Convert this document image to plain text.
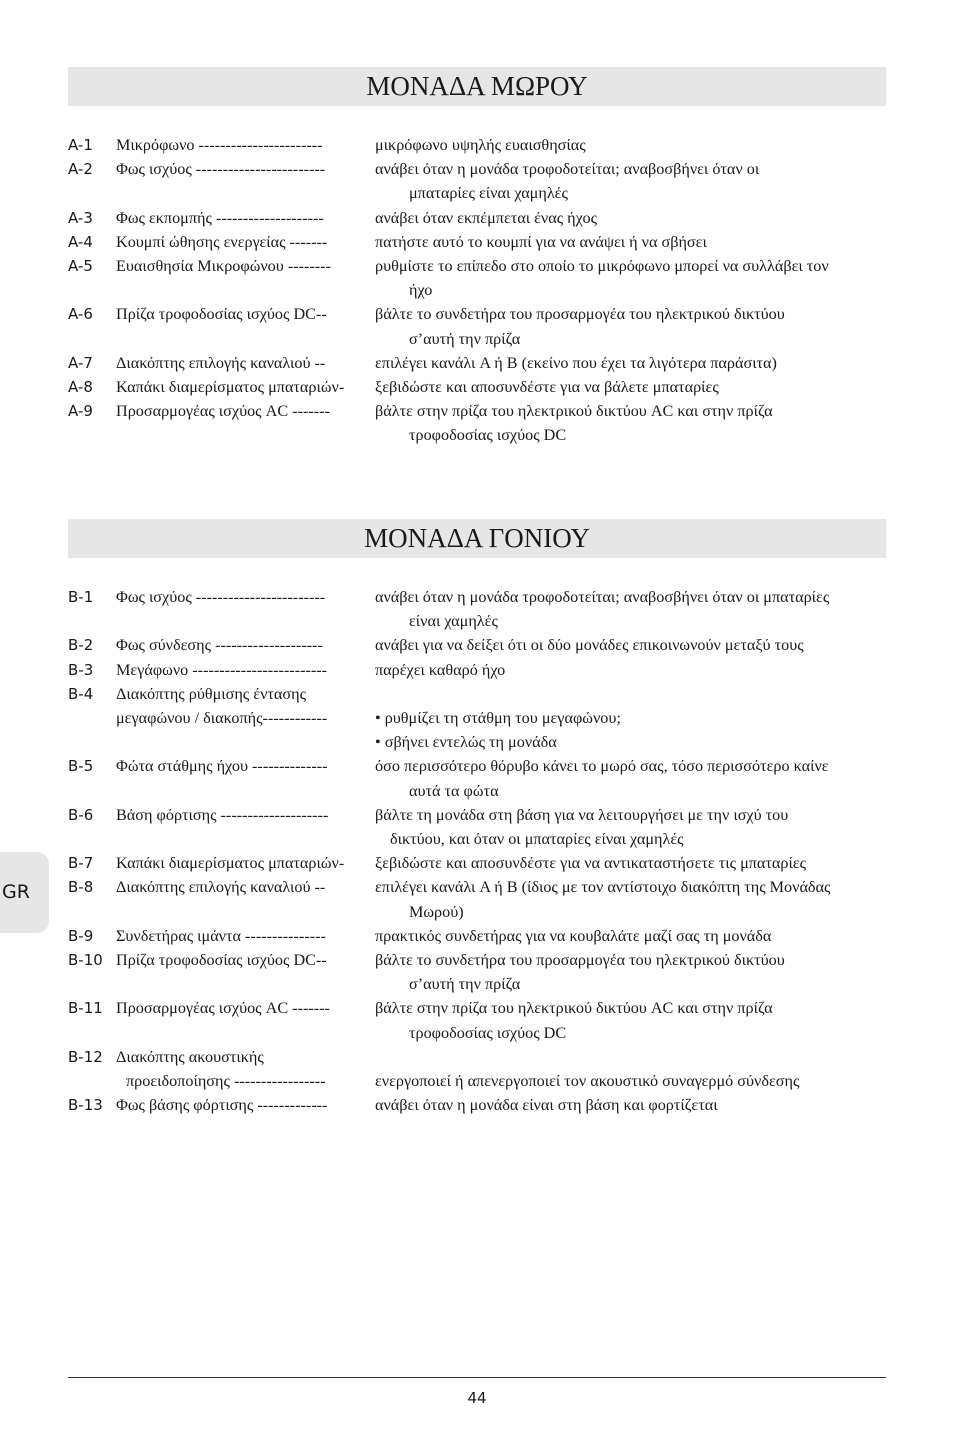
ΜΟΝΑΔΑ ΜΩΡΟΥ
A-1 Μικρόφωνο -----------------------	μικρόφωνο υψηλής ευαισθησίας
A-2 Φως ισχύος ------------------------	ανάβει όταν η μονάδα τροφοδοτείται; αναβοσβήνει όταν οι
μπαταρίες είναι χαμηλές
A-3 Φως εκπομπής --------------------	ανάβει όταν εκπέμπεται ένας ήχος
A-4 Κουμπί ώθησης ενεργείας -------	πατήστε αυτό το κουμπί για να ανάψει ή να σβήσει
A-5 Ευαισθησία Μικροφώνου --------	ρυθμίστε το επίπεδο στο οποίο το μικρόφωνο μπορεί να συλλάβει τον
ήχο
A-6 Πρίζα τροφοδοσίας ισχύος DC--	βάλτε το συνδετήρα του προσαρμογέα του ηλεκτρικού δικτύου
σ’αυτή την πρίζα
A-7 Διακόπτης επιλογής καναλιού --	επιλέγει κανάλι A ή B (εκείνο που έχει τα λιγότερα παράσιτα)
A-8 Καπάκι διαμερίσματος μπαταριών- ξεβιδώστε και αποσυνδέστε για να βάλετε μπαταρίες
A-9 Προσαρμογέας ισχύος AC -------	βάλτε στην πρίζα του ηλεκτρικού δικτύου AC και στην πρίζα
τροφοδοσίας ισχύος DC
ΜΟΝΑΔΑ ΓΟΝΙΟΥ
B-1 Φως ισχύος ------------------------	ανάβει όταν η μονάδα τροφοδοτείται; αναβοσβήνει όταν οι μπαταρίες
είναι χαμηλές
B-2 Φως σύνδεσης --------------------	ανάβει για να δείξει ότι οι δύο μονάδες επικοινωνούν μεταξύ τους
B-3 Μεγάφωνο -------------------------	παρέχει καθαρό ήχο
B-4 Διακόπτης ρύθμισης έντασης
μεγαφώνου / διακοπής------------
	• ρυθμίζει τη στάθμη του μεγαφώνου;
• σβήνει εντελώς τη μονάδα
B-5 Φώτα στάθμης ήχου --------------	όσο περισσότερο θόρυβο κάνει το μωρό σας, τόσο περισσότερο καίνε
αυτά τα φώτα
B-6 Βάση φόρτισης --------------------	βάλτε τη μονάδα στη βάση για να λειτουργήσει με την ισχύ του
δικτύου, και όταν οι μπαταρίες είναι χαμηλές
B-7 Καπάκι διαμερίσματος μπαταριών- ξεβιδώστε και αποσυνδέστε για να αντικαταστήσετε τις μπαταρίες
B-8 Διακόπτης επιλογής καναλιού --	επιλέγει κανάλι A ή B (ίδιος με τον αντίστοιχο διακόπτη της Μονάδας
Μωρού)
B-9 Συνδετήρας ιμάντα ---------------	πρακτικός συνδετήρας για να κουβαλάτε μαζί σας τη μονάδα
B-10 Πρίζα τροφοδοσίας ισχύος DC--	βάλτε το συνδετήρα του προσαρμογέα του ηλεκτρικού δικτύου
σ’αυτή την πρίζα
B-11 Προσαρμογέας ισχύος AC -------	βάλτε στην πρίζα του ηλεκτρικού δικτύου AC και στην πρίζα
τροφοδοσίας ισχύος DC
B-12 Διακόπτης ακουστικής
προειδοποίησης -----------------
	ενεργοποιεί ή απενεργοποιεί τον ακουστικό συναγερμό σύνδεσης
B-13 Φως βάσης φόρτισης -------------	ανάβει όταν η μονάδα είναι στη βάση και φορτίζεται
GR
44
